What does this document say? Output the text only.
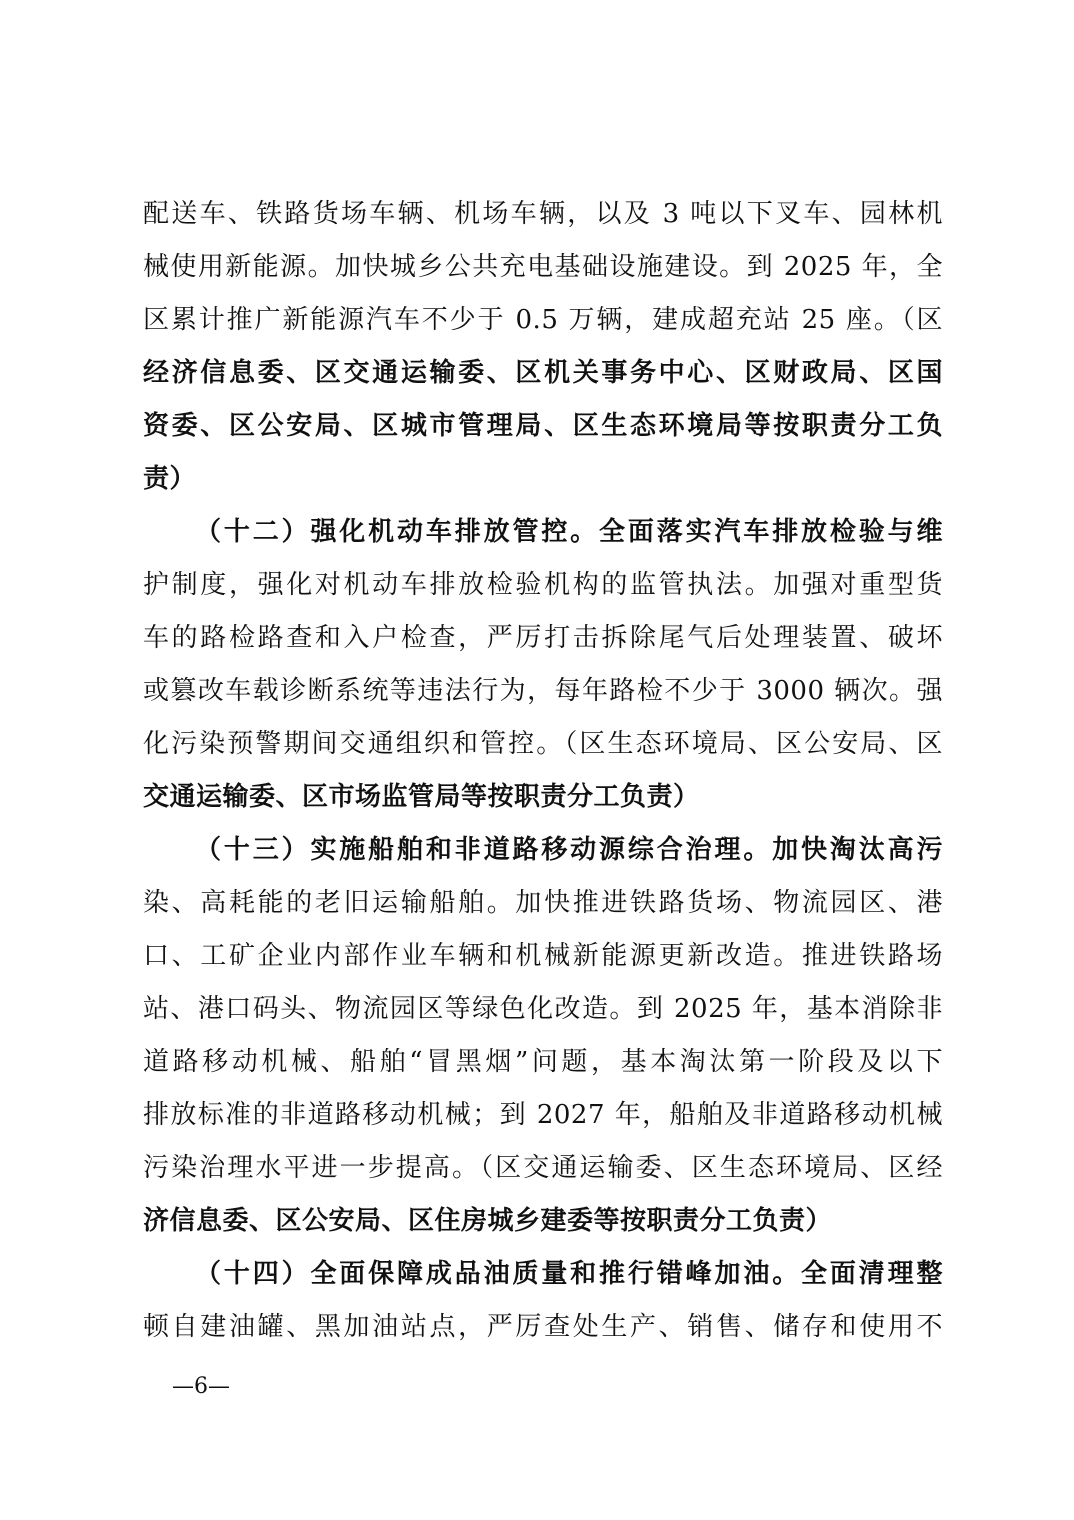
配送车、铁路货场车辆、机场车辆，以及 3 吨以下叉车、园林机
械使用新能源。加快城乡公共充电基础设施建设。到 2025 年，全
区累计推广新能源汽车不少于 0.5 万辆，建成超充站 25 座。（区
经济信息委、区交通运输委、区机关事务中心、区财政局、区国
资委、区公安局、区城市管理局、区生态环境局等按职责分工负
责）
（十二）强化机动车排放管控。全面落实汽车排放检验与维
护制度，强化对机动车排放检验机构的监管执法。加强对重型货
车的路检路查和入户检查，严厉打击拆除尾气后处理装置、破坏
或篡改车载诊断系统等违法行为，每年路检不少于 3000 辆次。强
化污染预警期间交通组织和管控。（区生态环境局、区公安局、区
交通运输委、区市场监管局等按职责分工负责）
（十三）实施船舶和非道路移动源综合治理。加快淘汰高污
染、高耗能的老旧运输船舶。加快推进铁路货场、物流园区、港
口、工矿企业内部作业车辆和机械新能源更新改造。推进铁路场
站、港口码头、物流园区等绿色化改造。到 2025 年，基本消除非
道路移动机械、船舶“冒黑烟”问题，基本淘汰第一阶段及以下
排放标准的非道路移动机械；到 2027 年，船舶及非道路移动机械
污染治理水平进一步提高。（区交通运输委、区生态环境局、区经
济信息委、区公安局、区住房城乡建委等按职责分工负责）
（十四）全面保障成品油质量和推行错峰加油。全面清理整
顿自建油罐、黑加油站点，严厉查处生产、销售、储存和使用不
—6—
